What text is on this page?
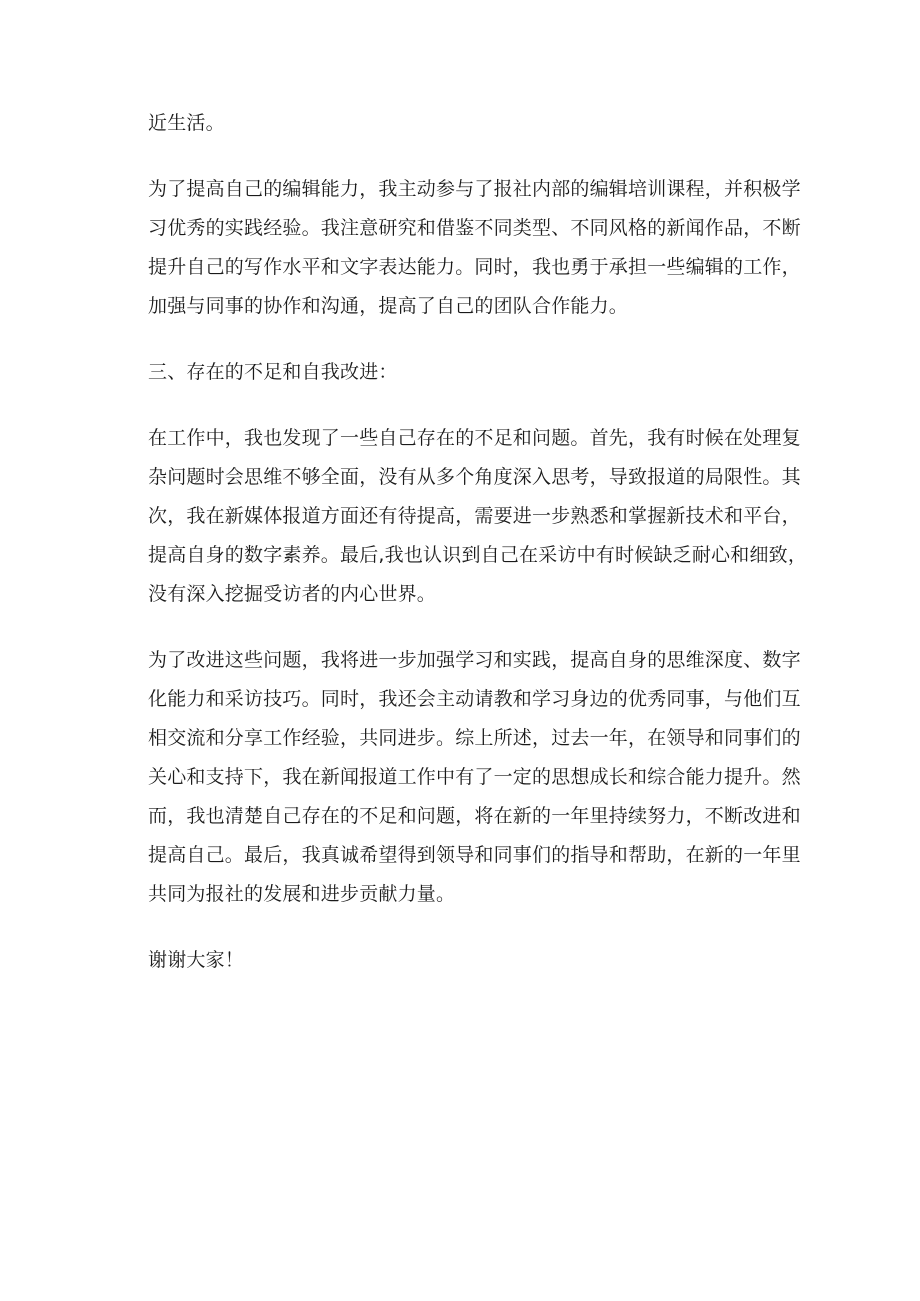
近生活。

为了提高自己的编辑能力，我主动参与了报社内部的编辑培训课程，并积极学
习优秀的实践经验。我注意研究和借鉴不同类型、不同风格的新闻作品，不断
提升自己的写作水平和文字表达能力。同时，我也勇于承担一些编辑的工作，
加强与同事的协作和沟通，提高了自己的团队合作能力。

三、存在的不足和自我改进：

在工作中，我也发现了一些自己存在的不足和问题。首先，我有时候在处理复
杂问题时会思维不够全面，没有从多个角度深入思考，导致报道的局限性。其
次，我在新媒体报道方面还有待提高，需要进一步熟悉和掌握新技术和平台，
提高自身的数字素养。最后,我也认识到自己在采访中有时候缺乏耐心和细致，
没有深入挖掘受访者的内心世界。

为了改进这些问题，我将进一步加强学习和实践，提高自身的思维深度、数字
化能力和采访技巧。同时，我还会主动请教和学习身边的优秀同事，与他们互
相交流和分享工作经验，共同进步。综上所述，过去一年，在领导和同事们的
关心和支持下，我在新闻报道工作中有了一定的思想成长和综合能力提升。然
而，我也清楚自己存在的不足和问题，将在新的一年里持续努力，不断改进和
提高自己。最后，我真诚希望得到领导和同事们的指导和帮助，在新的一年里
共同为报社的发展和进步贡献力量。

谢谢大家！
